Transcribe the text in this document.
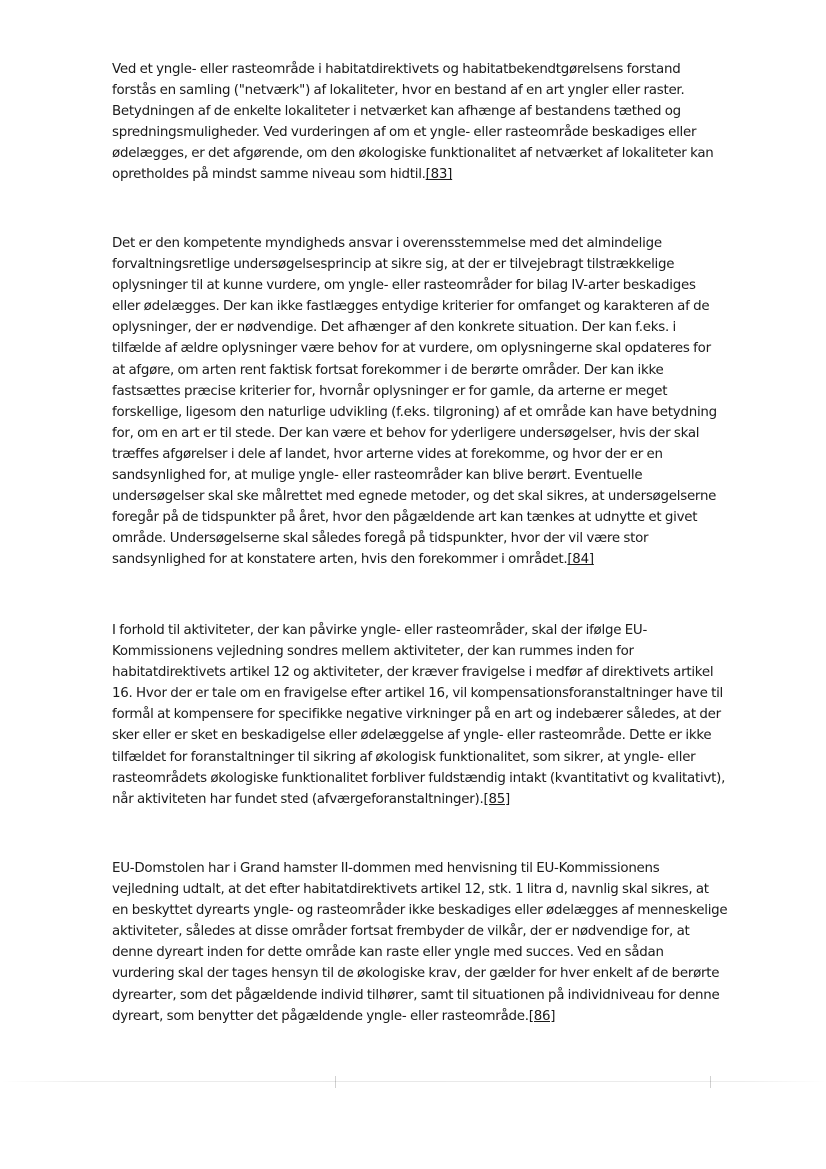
Ved et yngle- eller rasteområde i habitatdirektivets og habitatbekendtgørelsens forstand
forstås en samling ("netværk") af lokaliteter, hvor en bestand af en art yngler eller raster.
Betydningen af de enkelte lokaliteter i netværket kan afhænge af bestandens tæthed og
spredningsmuligheder. Ved vurderingen af om et yngle- eller rasteområde beskadiges eller
ødelægges, er det afgørende, om den økologiske funktionalitet af netværket af lokaliteter kan
opretholdes på mindst samme niveau som hidtil.[83]

Det er den kompetente myndigheds ansvar i overensstemmelse med det almindelige
forvaltningsretlige undersøgelsesprincip at sikre sig, at der er tilvejebragt tilstrækkelige
oplysninger til at kunne vurdere, om yngle- eller rasteområder for bilag IV-arter beskadiges
eller ødelægges. Der kan ikke fastlægges entydige kriterier for omfanget og karakteren af de
oplysninger, der er nødvendige. Det afhænger af den konkrete situation. Der kan f.eks. i
tilfælde af ældre oplysninger være behov for at vurdere, om oplysningerne skal opdateres for
at afgøre, om arten rent faktisk fortsat forekommer i de berørte områder. Der kan ikke
fastsættes præcise kriterier for, hvornår oplysninger er for gamle, da arterne er meget
forskellige, ligesom den naturlige udvikling (f.eks. tilgroning) af et område kan have betydning
for, om en art er til stede. Der kan være et behov for yderligere undersøgelser, hvis der skal
træffes afgørelser i dele af landet, hvor arterne vides at forekomme, og hvor der er en
sandsynlighed for, at mulige yngle- eller rasteområder kan blive berørt. Eventuelle
undersøgelser skal ske målrettet med egnede metoder, og det skal sikres, at undersøgelserne
foregår på de tidspunkter på året, hvor den pågældende art kan tænkes at udnytte et givet
område. Undersøgelserne skal således foregå på tidspunkter, hvor der vil være stor
sandsynlighed for at konstatere arten, hvis den forekommer i området.[84]

I forhold til aktiviteter, der kan påvirke yngle- eller rasteområder, skal der ifølge EU-
Kommissionens vejledning sondres mellem aktiviteter, der kan rummes inden for
habitatdirektivets artikel 12 og aktiviteter, der kræver fravigelse i medfør af direktivets artikel
16. Hvor der er tale om en fravigelse efter artikel 16, vil kompensationsforanstaltninger have til
formål at kompensere for specifikke negative virkninger på en art og indebærer således, at der
sker eller er sket en beskadigelse eller ødelæggelse af yngle- eller rasteområde. Dette er ikke
tilfældet for foranstaltninger til sikring af økologisk funktionalitet, som sikrer, at yngle- eller
rasteområdets økologiske funktionalitet forbliver fuldstændig intakt (kvantitativt og kvalitativt),
når aktiviteten har fundet sted (afværgeforanstaltninger).[85]

EU-Domstolen har i Grand hamster II-dommen med henvisning til EU-Kommissionens
vejledning udtalt, at det efter habitatdirektivets artikel 12, stk. 1 litra d, navnlig skal sikres, at
en beskyttet dyrearts yngle- og rasteområder ikke beskadiges eller ødelægges af menneskelige
aktiviteter, således at disse områder fortsat frembyder de vilkår, der er nødvendige for, at
denne dyreart inden for dette område kan raste eller yngle med succes. Ved en sådan
vurdering skal der tages hensyn til de økologiske krav, der gælder for hver enkelt af de berørte
dyrearter, som det pågældende individ tilhører, samt til situationen på individniveau for denne
dyreart, som benytter det pågældende yngle- eller rasteområde.[86]
